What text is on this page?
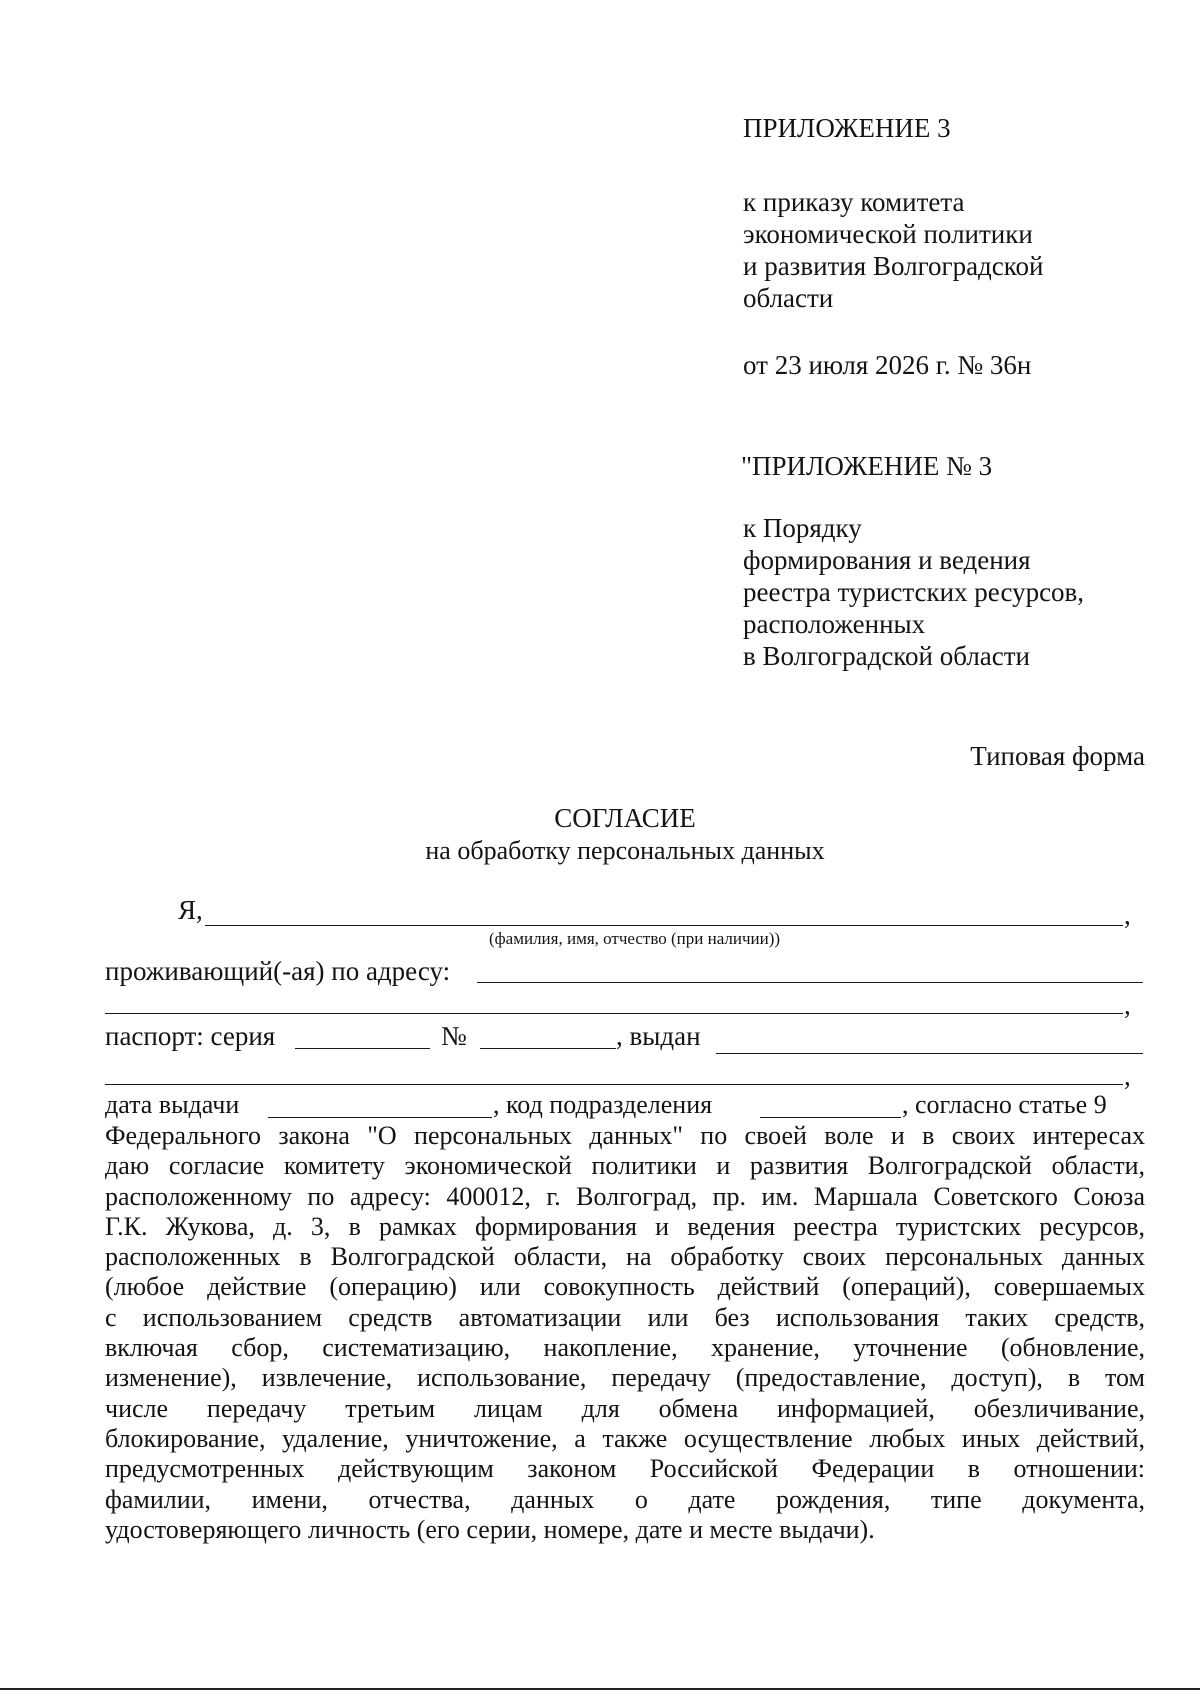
ПРИЛОЖЕНИЕ 3
к приказу комитета
экономической политики
и развития Волгоградской
области
от 23 июля 2026 г. № 36н
"ПРИЛОЖЕНИЕ № 3
к Порядку
формирования и ведения
реестра туристских ресурсов,
расположенных
в Волгоградской области
Типовая форма
СОГЛАСИЕ
на обработку персональных данных
Я,	,
(фамилия, имя, отчество (при наличии))
проживающий(-ая) по адресу:
,
паспорт: серия	№	, выдан
,
дата выдачи	, код подразделения	, согласно статье 9
Федерального закона "О персональных данных" по своей воле и в своих интересах
даю согласие комитету экономической политики и развития Волгоградской области,
расположенному по адресу: 400012, г. Волгоград, пр. им. Маршала Советского Союза
Г.К. Жукова, д. 3, в рамках формирования и ведения реестра туристских ресурсов,
расположенных в Волгоградской области, на обработку своих персональных данных
(любое действие (операцию) или совокупность действий (операций), совершаемых
с использованием средств автоматизации или без использования таких средств,
включая сбор, систематизацию, накопление, хранение, уточнение (обновление,
изменение), извлечение, использование, передачу (предоставление, доступ), в том
числе передачу третьим лицам для обмена информацией, обезличивание,
блокирование, удаление, уничтожение, а также осуществление любых иных действий,
предусмотренных действующим законом Российской Федерации в отношении:
фамилии, имени, отчества, данных о дате рождения, типе документа,
удостоверяющего личность (его серии, номере, дате и месте выдачи).
